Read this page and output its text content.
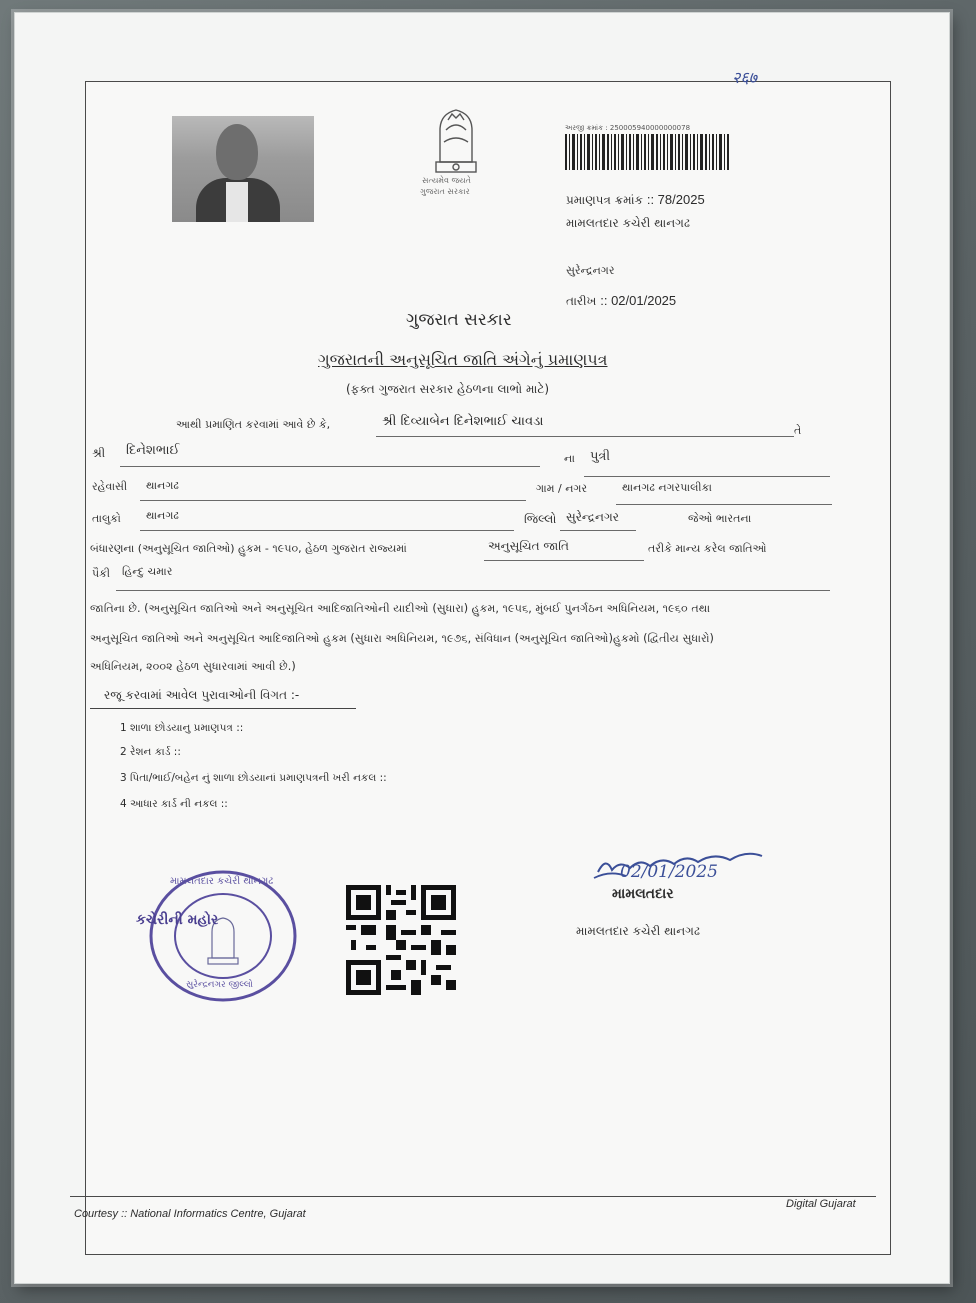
२६७
સત્યમેવ જયતે
ગુજરાત સરકાર
અરજી ક્રમાંક : 250005940000000078
પ્રમાણપત્ર ક્રમાંક :: 78/2025
મામલતદાર કચેરી થાનગઢ
સુરેન્દ્રનગર
તારીખ :: 02/01/2025
ગુજરાત સરકાર
ગુજરાતની અનુસૂચિત જાતિ અંગેનું પ્રમાણપત્ર
(ફક્ત ગુજરાત સરકાર હેઠળના લાભો માટે)
આથી પ્રમાણિત કરવામાં આવે છે કે,	શ્રી દિવ્યાબેન દિનેશભાઈ ચાવડા
તે
શ્રી દિનેશભાઈ
ના પુત્રી
રહેવાસી થાનગઢ	ગામ / નગર	થાનગઢ નગરપાલીકા
તાલુકો થાનગઢ	જિલ્લો સુરેન્દ્રનગર	જેઓ ભારતના
બંધારણના (અનુસૂચિત જાતિઓ) હુકમ - ૧૯૫૦, હેઠળ ગુજરાત રાજ્યમાં	અનુસૂચિત જાતિ	તરીકે માન્ય કરેલ જાતિઓ
પૈકી હિન્દુ ચમાર
જાતિના છે. (અનુસૂચિત જાતિઓ અને અનુસૂચિત આદિજાતિઓની યાદીઓ (સુધારા) હુકમ, ૧૯૫૬, મુંબઈ પુનર્ગઠન અધિનિયમ, ૧૯૬૦ તથા
અનુસૂચિત જાતિઓ અને અનુસૂચિત આદિજાતિઓ હુકમ (સુધારા અધિનિયમ, ૧૯૭૬, સંવિધાન (અનુસૂચિત જાતિઓ)હુકમો (દ્વિતીય સુધારો)
અધિનિયમ, ૨૦૦૨ હેઠળ સુધારવામાં આવી છે.)
રજૂ કરવામાં આવેલ પુરાવાઓની વિગત :-
1 શાળા છોડયાનુ પ્રમાણપત્ર ::
2 રેશન કાર્ડ ::
3 પિતા/ભાઈ/બહેન નું શાળા છોડયાનાં પ્રમાણપત્રની ખરી નકલ ::
4 આધાર કાર્ડ ની નકલ ::
મામલતદાર કચેરી થાનગઢ
કચેરીની મહોર
સુરેન્દ્રનગર જીલ્લો
02/01/2025
મામલતદાર
મામલતદાર કચેરી થાનગઢ
Courtesy :: National Informatics Centre, Gujarat
Digital Gujarat
